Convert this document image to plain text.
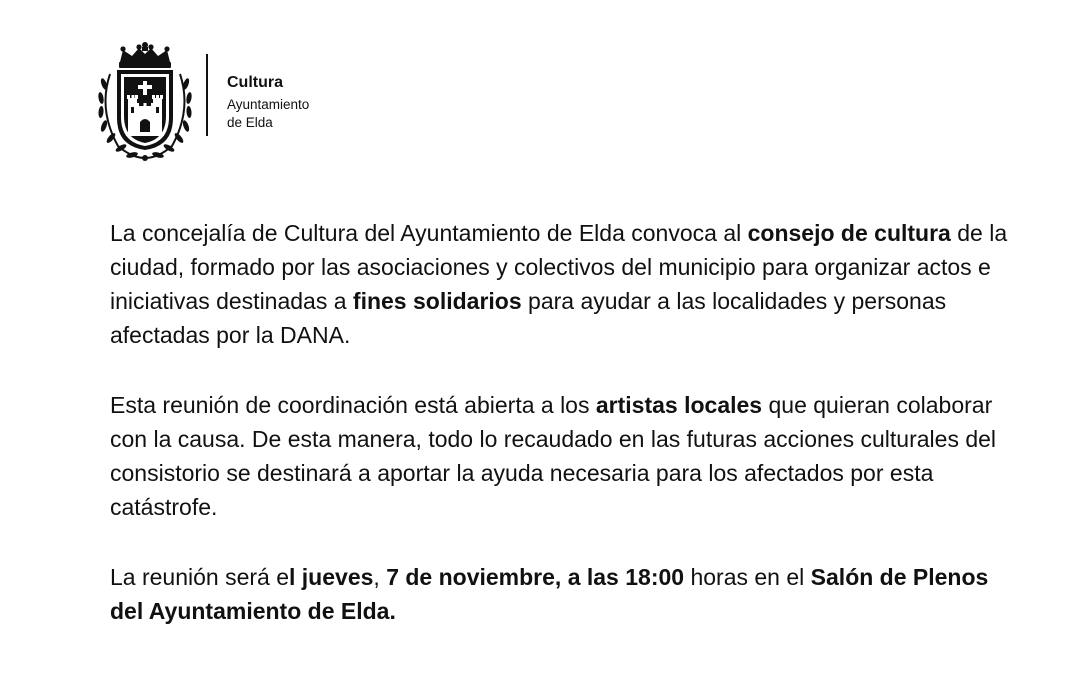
Cultura
Ayuntamiento de Elda

La concejalía de Cultura del Ayuntamiento de Elda convoca al consejo de cultura de la ciudad, formado por las asociaciones y colectivos del municipio para organizar actos e iniciativas destinadas a fines solidarios para ayudar a las localidades y personas afectadas por la DANA.

Esta reunión de coordinación está abierta a los artistas locales que quieran colaborar con la causa. De esta manera, todo lo recaudado en las futuras acciones culturales del consistorio se destinará a aportar la ayuda necesaria para los afectados por esta catástrofe.

La reunión será el jueves, 7 de noviembre, a las 18:00 horas en el Salón de Plenos del Ayuntamiento de Elda.
